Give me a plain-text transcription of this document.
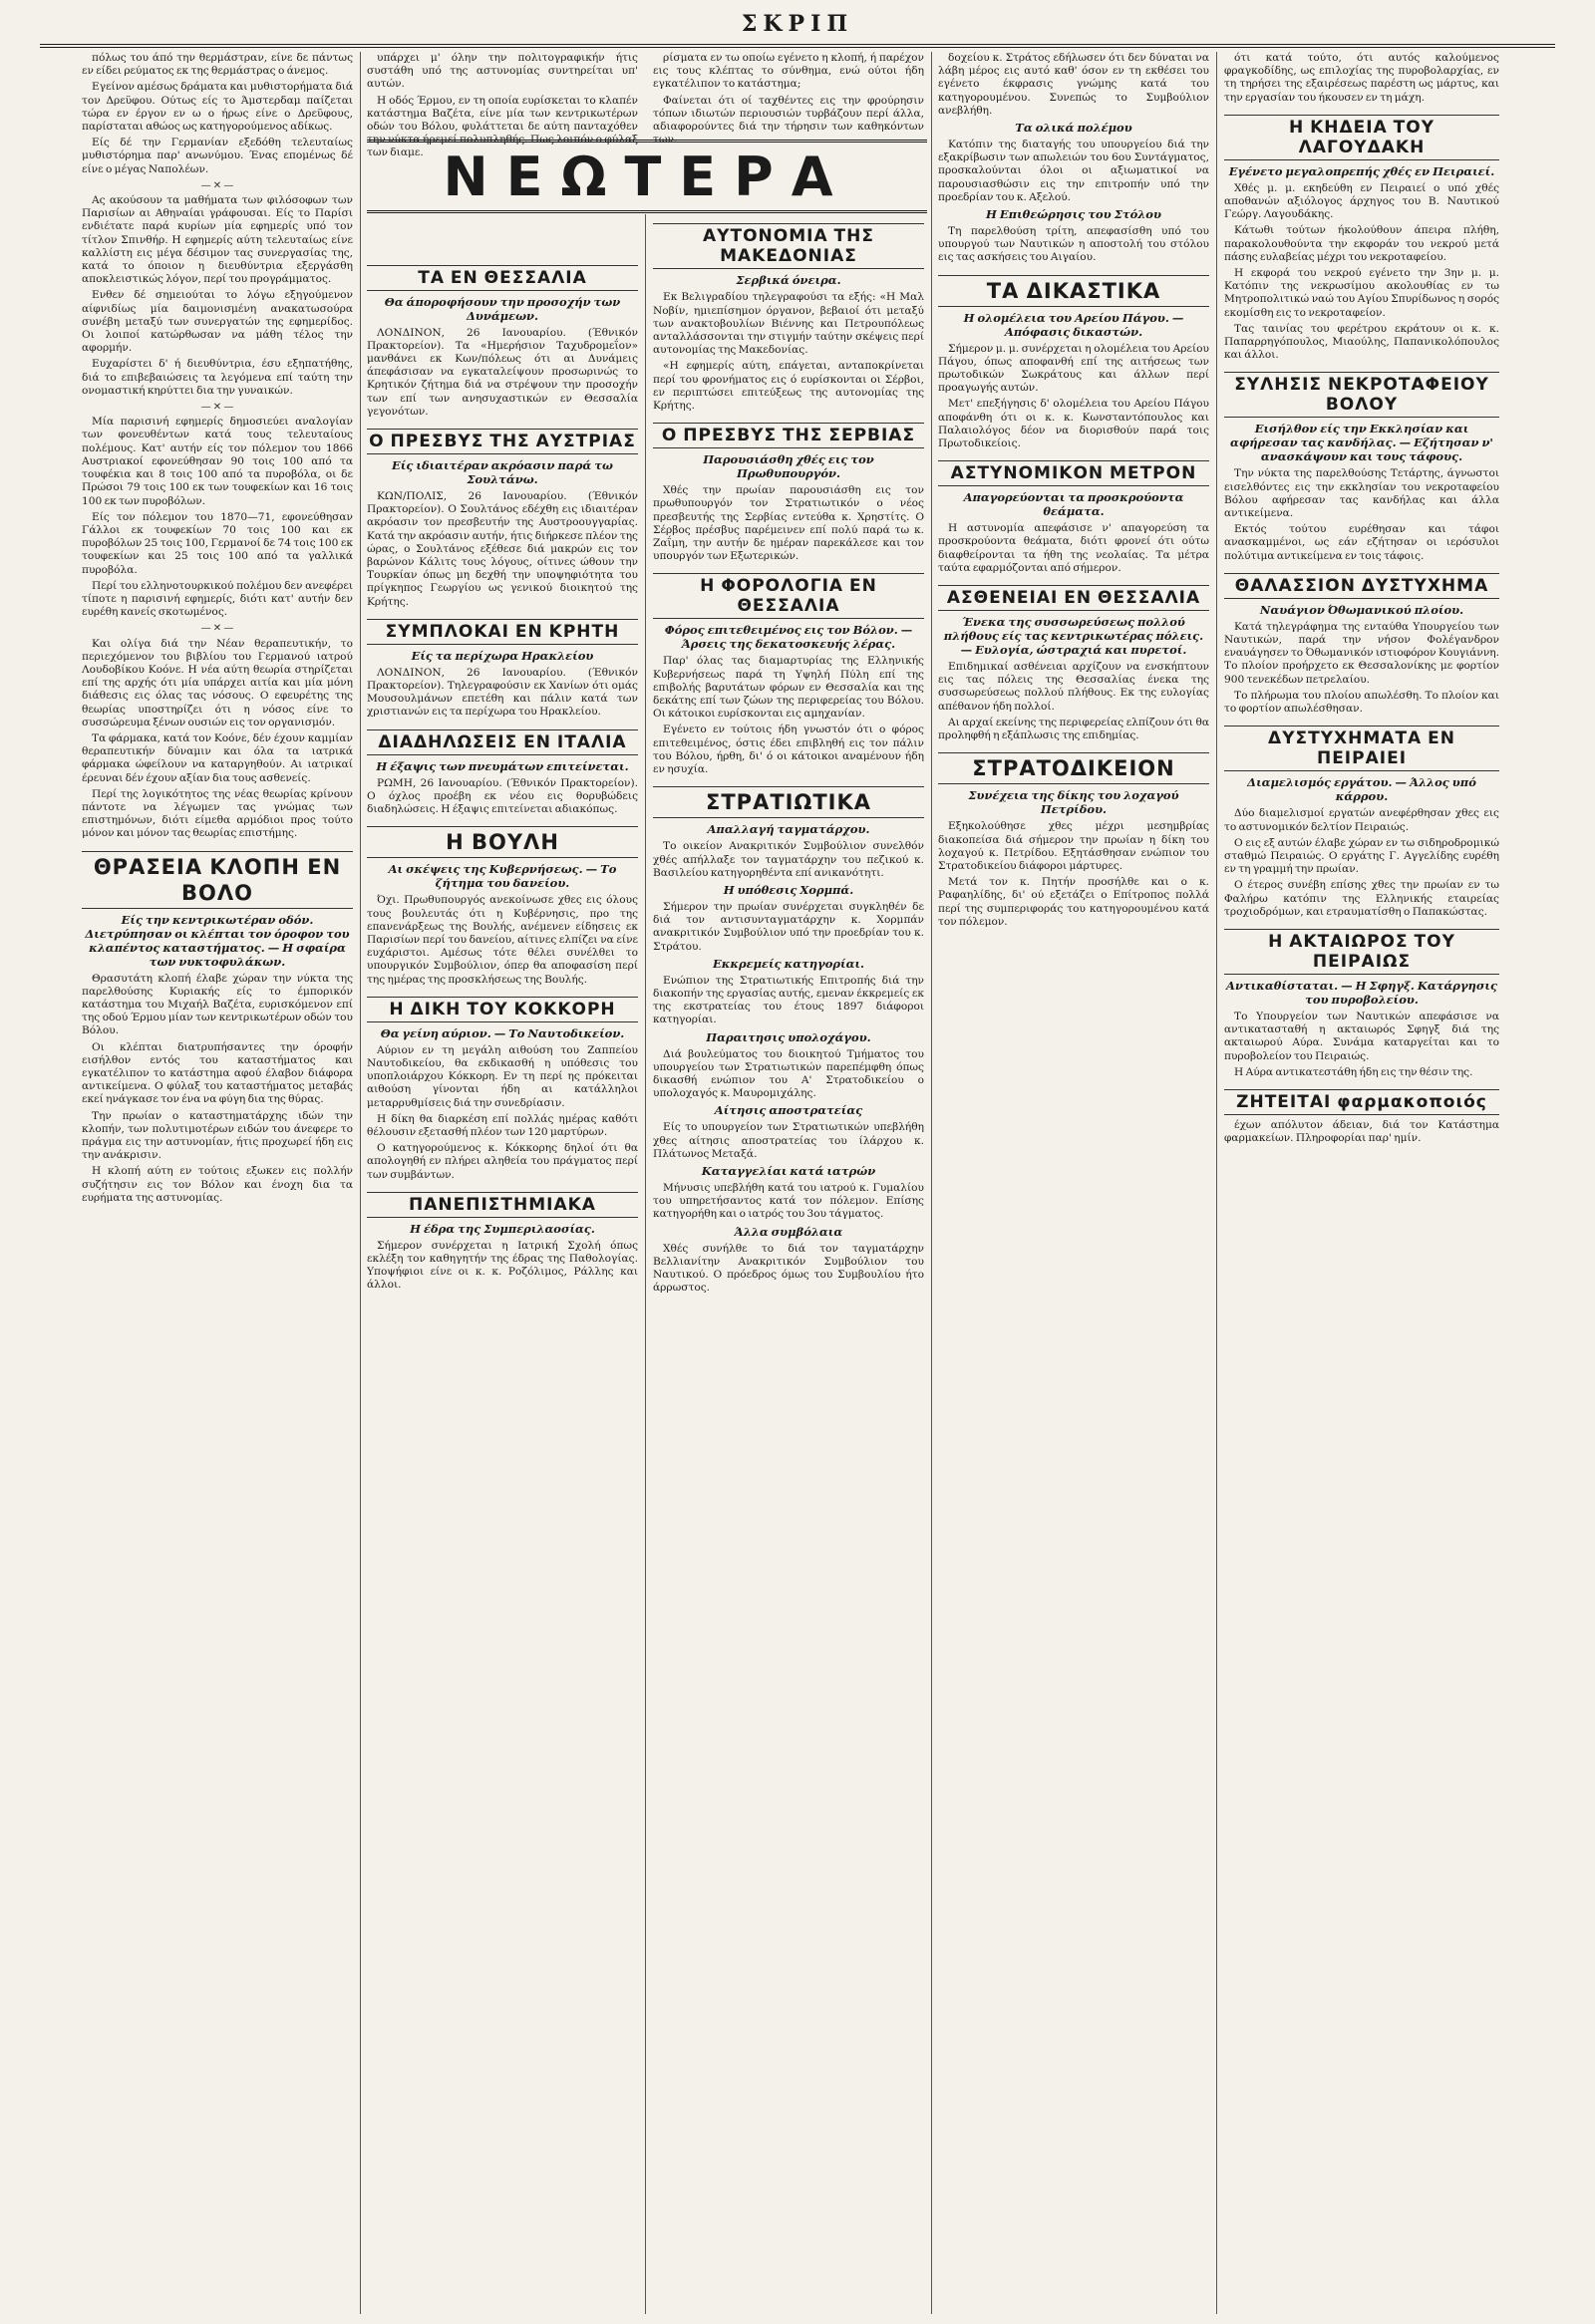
ΣΚΡΙΠ
ΝΕΩΤΕΡΑ

πόλως του άπό την θερμάστραν, είνε δε πάντως εν είδει ρεύματος εκ της θερμάστρας ο άνεμος.

Εγείνον αμέσως δράματα και μυθιστορήματα διά τον Δρεϋφου. Ούτως είς το Άμστερδαμ παίζεται τώρα εν έργον εν ω ο ήρως είνε ο Δρεϋφους, παρίσταται αθώος ως κατηγορούμενος αδίκως.

Είς δέ την Γερμανίαν εξεδόθη τελευταίως μυθιστόρημα παρ' ανωνύμου. Ένας επομένως δέ είνε ο μέγας Ναπολέων.

— ✕ —

Ας ακούσουν τα μαθήματα των φιλόσοφων των Παρισίων αι Αθηναίαι γράφουσαι. Είς το Παρίσι ενδιέτατε παρά κυρίων μία εφημερίς υπό τον τίτλον Σπινθήρ. Η εφημερίς αύτη τελευταίως είνε καλλίστη εις μέγα δέσιμον τας συνεργασίας της, κατά το όποιον η διευθύντρια εξεργάσθη αποκλειστικώς λόγον, περί του προγράμματος.

Ενθεν δέ σημειούται το λόγω εξηγούμενον αίφνιδίως μία δαιμονισμένη ανακατωσούρα συνέβη μεταξύ των συνεργατών της εφημερίδος. Οι λοιποί κατώρθωσαν να μάθη τέλος την αφορμήν.

Ευχαρίστει δ' ή διευθύντρια, έσυ εξηπατήθης, διά το επιβεβαιώσεις τα λεγόμενα επί ταύτη την ονομαστική κηρύττει δια την γυναικών.

— ✕ —

Μία παρισινή εφημερίς δημοσιεύει αναλογίαν των φονευθέντων κατά τους τελευταίους πολέμους. Κατ' αυτήν είς τον πόλεμον του 1866 Αυστριακοί εφονεύθησαν 90 τοις 100 από τα τουφέκια και 8 τοις 100 από τα πυροβόλα, οι δε Πρώσοι 79 τοις 100 εκ των τουφεκίων και 16 τοις 100 εκ των πυροβόλων.

Είς τον πόλεμον του 1870—71, εφονεύθησαν Γάλλοι εκ τουφεκίων 70 τοις 100 και εκ πυροβόλων 25 τοις 100, Γερμανοί δε 74 τοις 100 εκ τουφεκίων και 25 τοις 100 από τα γαλλικά πυροβόλα.

Περί του ελληνοτουρκικού πολέμου δεν ανεφέρει τίποτε η παρισινή εφημερίς, διότι κατ' αυτήν δεν ευρέθη κανείς σκοτωμένος.

— ✕ —

Και ολίγα διά την Νέαν θεραπευτικήν, το περιεχόμενον του βιβλίου του Γερμανού ιατρού Λουδοβίκου Κοόνε. Η νέα αύτη θεωρία στηρίζεται επί της αρχής ότι μία υπάρχει αιτία και μία μόνη διάθεσις εις όλας τας νόσους. Ο εφευρέτης της θεωρίας υποστηρίζει ότι η νόσος είνε το συσσώρευμα ξένων ουσιών εις τον οργανισμόν.

Τα φάρμακα, κατά τον Κοόνε, δέν έχουν καμμίαν θεραπευτικήν δύναμιν και όλα τα ιατρικά φάρμακα ώφείλουν να καταργηθούν. Αι ιατρικαί έρευναι δέν έχουν αξίαν δια τους ασθενείς.

Περί της λογικότητος της νέας θεωρίας κρίνουν πάντοτε να λέγωμεν τας γνώμας των επιστημόνων, διότι είμεθα αρμόδιοι προς τούτο μόνον και μόνον τας θεωρίας επιστήμης.

ΘΡΑΣΕΙΑ ΚΛΟΠΗ ΕΝ ΒΟΛΟ
Είς την κεντρικωτέραν οδόν. Διετρύπησαν οι κλέπται τον όροφον του κλαπέντος καταστήματος. — Η σφαίρα των νυκτοφυλάκων.

Θρασυτάτη κλοπή έλαβε χώραν την νύκτα της παρελθούσης Κυριακής είς το έμπορικόν κατάστημα του Μιχαήλ Βαζέτα, ευρισκόμενον επί της οδού Έρμου μίαν των κεντρικωτέρων οδών του Βόλου.

Οι κλέπται διατρυπήσαντες την όροφήν εισήλθον εντός του καταστήματος και εγκατέλιπον το κατάστημα αφού έλαβον διάφορα αντικείμενα. Ο φύλαξ του καταστήματος μεταβάς εκεί ηνάγκασε τον ένα να φύγη δια της θύρας.

Την πρωίαν ο καταστηματάρχης ιδών την κλοπήν, των πολυτιμοτέρων ειδών του άνεφερε το πράγμα εις την αστυνομίαν, ήτις προχωρεί ήδη εις την ανάκρισιν.

Η κλοπή αύτη εν τούτοις εξωκεν εις πολλήν συζήτησιν εις τον Βόλον και ένοχη δια τα ευρήματα της αστυνομίας.

υπάρχει μ' όλην την πολιτογραφικήν ήτις συστάθη υπό της αστυνομίας συντηρείται υπ' αυτών.

Η οδός Έρμου, εν τη οποία ευρίσκεται το κλαπέν κατάστημα Βαζέτα, είνε μία των κεντρικωτέρων οδών του Βόλου, φυλάττεται δε αύτη πανταχόθεν την νύκτα ήρεμεί πολυπληθής. Πως λοιπόν ο φύλαξ των διαμε.

ΤΑ ΕΝ ΘΕΣΣΑΛΙΑ
Θα άποροφήσουν την προσοχήν των Δυνάμεων.

ΛΟΝΔΙΝΟΝ, 26 Ιανουαρίου. (Έθνικόν Πρακτορείον). Τα «Ημερήσιον Ταχυδρομεΐον» μανθάνει εκ Κων/πόλεως ότι αι Δυνάμεις άπεφάσισαν να εγκαταλείψουν προσωρινώς το Κρητικόν ζήτημα διά να στρέψουν την προσοχήν των επί των ανησυχαστικών εν Θεσσαλία γεγονότων.

Ο ΠΡΕΣΒΥΣ ΤΗΣ ΑΥΣΤΡΙΑΣ
Είς ιδιαιτέραν ακρόασιν παρά τω Σουλτάνω.

ΚΩΝ/ΠΟΛΙΣ, 26 Ιανουαρίου. (Έθνικόν Πρακτορείον). Ο Σουλτάνος εδέχθη εις ιδιαιτέραν ακρόασιν τον πρεσβευτήν της Αυστροουγγαρίας. Κατά την ακρόασιν αυτήν, ήτις διήρκεσε πλέον της ώρας, ο Σουλτάνος εξέθεσε διά μακρών εις τον βαρώνον Κάλιτς τους λόγους, οίτινες ώθουν την Τουρκίαν όπως μη δεχθή την υποψηφιότητα του πρίγκηπος Γεωργίου ως γενικού διοικητού της Κρήτης.

ΣΥΜΠΛΟΚΑΙ ΕΝ ΚΡΗΤΗ
Είς τα περίχωρα Ηρακλείου

ΛΟΝΔΙΝΟΝ, 26 Ιανουαρίου. (Έθνικόν Πρακτορείον). Τηλεγραφούσιν εκ Χανίων ότι ομάς Μουσουλμάνων επετέθη και πάλιν κατά των χριστιανών εις τα περίχωρα του Ηρακλείου.

ΔΙΑΔΗΛΩΣΕΙΣ ΕΝ ΙΤΑΛΙΑ
Η έξαψις των πνευμάτων επιτείνεται.

ΡΩΜΗ, 26 Ιανουαρίου. (Έθνικόν Πρακτορείον). Ο όχλος προέβη εκ νέου εις θορυβώδεις διαδηλώσεις. Η έξαψις επιτείνεται αδιακόπως.

Η ΒΟΥΛΗ
Αι σκέψεις της Κυβερνήσεως. — Το ζήτημα του δανείου.

Όχι. Πρωθυπουργός ανεκοίνωσε χθες εις όλους τους βουλευτάς ότι η Κυβέρνησις, προ της επανενάρξεως της Βουλής, ανέμενεν είδησεις εκ Παρισίων περί του δανείου, αίτινες ελπίζει να είνε ευχάριστοι. Αμέσως τότε θέλει συνέλθει το υπουργικόν Συμβούλιον, όπερ θα αποφασίση περί της ημέρας της προσκλήσεως της Βουλής.

Η ΔΙΚΗ ΤΟΥ ΚΟΚΚΟΡΗ
Θα γείνη αύριον. — Το Ναυτοδικείον.

Αύριον εν τη μεγάλη αιθούση του Ζαππείου Ναυτοδικείου, θα εκδικασθή η υπόθεσις του υποπλοιάρχου Κόκκορη. Εν τη περί ης πρόκειται αιθούση γίνονται ήδη αι κατάλληλοι μεταρρυθμίσεις διά την συνεδρίασιν.

Η δίκη θα διαρκέση επί πολλάς ημέρας καθότι θέλουσιν εξετασθή πλέον των 120 μαρτύρων.

Ο κατηγορούμενος κ. Κόκκορης δηλοί ότι θα απολογηθή εν πλήρει αληθεία του πράγματος περί των συμβάντων.

ΠΑΝΕΠΙΣΤΗΜΙΑΚΑ
Η έδρα της Συμπεριλαοσίας.

Σήμερον συνέρχεται η Ιατρική Σχολή όπως εκλέξη τον καθηγητήν της έδρας της Παθολογίας. Υποψήφιοι είνε οι κ. κ. Ροζόλιμος, Ράλλης και άλλοι.

ρίσματα εν τω οποίω εγένετο η κλοπή, ή παρέχον εις τους κλέπτας το σύνθημα, ενώ ούτοι ήδη εγκατέλιπον το κατάστημα;

Φαίνεται ότι οί ταχθέντες εις την φρούρησιν τόπων ιδιωτών περιουσιών τυρβάζουν περί άλλα, αδιαφορούντες διά την τήρησιν των καθηκόντων των.

ΑΥΤΟΝΟΜΙΑ ΤΗΣ ΜΑΚΕΔΟΝΙΑΣ
Σερβικά όνειρα.

Εκ Βελιγραδίου τηλεγραφούσι τα εξής: «Η Μαλ Νοβίν, ημιεπίσημον όργανον, βεβαιοί ότι μεταξύ των ανακτοβουλίων Βιέννης και Πετρουπόλεως ανταλλάσσονται την στιγμήν ταύτην σκέψεις περί αυτονομίας της Μακεδονίας.

«Η εφημερίς αύτη, επάγεται, ανταποκρίνεται περί του φρονήματος εις ό ευρίσκονται οι Σέρβοι, εν περιπτώσει επιτεύξεως της αυτονομίας της Κρήτης.

Ο ΠΡΕΣΒΥΣ ΤΗΣ ΣΕΡΒΙΑΣ
Παρουσιάσθη χθές εις τον Πρωθυπουργόν.

Χθές την πρωίαν παρουσιάσθη εις τον πρωθυπουργόν τον Στρατιωτικόν ο νέος πρεσβευτής της Σερβίας εντεύθα κ. Χρηστίτς. Ο Σέρβος πρέσβυς παρέμεινεν επί πολύ παρά τω κ. Ζαΐμη, την αυτήν δε ημέραν παρεκάλεσε και τον υπουργόν των Εξωτερικών.

Η ΦΟΡΟΛΟΓΙΑ ΕΝ ΘΕΣΣΑΛΙΑ
Φόρος επιτεθειμένος εις τον Βόλον. — Άρσεις της δεκατοσκευής λέρας.

Παρ' όλας τας διαμαρτυρίας της Ελληνικής Κυβερνήσεως παρά τη Υψηλή Πύλη επί της επιβολής βαρυτάτων φόρων εν Θεσσαλία και της δεκάτης επί των ζώων της περιφερείας του Βόλου. Οι κάτοικοι ευρίσκονται εις αμηχανίαν.

Εγένετο εν τούτοις ήδη γνωστόν ότι ο φόρος επιτεθειμένος, όστις έδει επιβληθή εις τον πάλιν του Βόλου, ήρθη, δι' ό οι κάτοικοι αναμένουν ήδη εν ησυχία.

ΣΤΡΑΤΙΩΤΙΚΑ
Απαλλαγή ταγματάρχου.

Το οικείον Ανακριτικόν Συμβούλιον συνελθόν χθές απήλλαξε τον ταγματάρχην του πεζικού κ. Βασιλείου κατηγορηθέντα επί ανικανότητι.

Η υπόθεσις Χορμπά.

Σήμερον την πρωίαν συνέρχεται συγκληθέν δε διά τον αντισυνταγματάρχην κ. Χορμπάν ανακριτικόν Συμβούλιον υπό την προεδρίαν του κ. Στράτου.

Εκκρεμείς κατηγορίαι.

Ενώπιον της Στρατιωτικής Επιτροπής διά την διακοπήν της εργασίας αυτής, εμεναν έκκρεμείς εκ της εκστρατείας του έτους 1897 διάφοροι κατηγορίαι.

Παραιτησις υπολοχάγου.

Διά βουλεύματος του διοικητού Τμήματος του υπουργείου των Στρατιωτικών παρεπέμφθη όπως δικασθή ενώπιον του Α' Στρατοδικείου ο υπολοχαγός κ. Μαυρομιχάλης.

Αίτησις αποστρατείας

Είς το υπουργείον των Στρατιωτικών υπεβλήθη χθες αίτησις αποστρατείας του ίλάρχου κ. Πλάτωνος Μεταξά.

Καταγγελίαι κατά ιατρών

Μήνυσις υπεβλήθη κατά του ιατρού κ. Γυμαλίου του υπηρετήσαντος κατά τον πόλεμον. Επίσης κατηγορήθη και ο ιατρός του 3ου τάγματος.

Άλλα συμβόλαια

Χθές συνήλθε το διά τον ταγματάρχην Βελλιανίτην Ανακριτικόν Συμβούλιον του Ναυτικού. Ο πρόεδρος όμως του Συμβουλίου ήτο άρρωστος.

δοχείου κ. Στράτος εδήλωσεν ότι δεν δύναται να λάβη μέρος εις αυτό καθ' όσον εν τη εκθέσει του εγένετο έκφρασις γνώμης κατά του κατηγορουμένου. Συνεπώς το Συμβούλιον ανεβλήθη.

Τα ολικά πολέμου

Κατόπιν της διαταγής του υπουργείου διά την εξακρίβωσιν των απωλειών του 6ου Συντάγματος, προσκαλούνται όλοι οι αξιωματικοί να παρουσιασθώσιν εις την επιτροπήν υπό την προεδρίαν του κ. Αξελού.

Η Επιθεώρησις του Στόλου

Τη παρελθούση τρίτη, απεφασίσθη υπό του υπουργού των Ναυτικών η αποστολή του στόλου εις τας ασκήσεις του Αιγαίου.

ΤΑ ΔΙΚΑΣΤΙΚΑ
Η ολομέλεια του Αρείου Πάγου. — Απόφασις δικαστών.

Σήμερον μ. μ. συνέρχεται η ολομέλεια του Αρείου Πάγου, όπως αποφανθή επί της αιτήσεως των πρωτοδικών Σωκράτους και άλλων περί προαγωγής αυτών.

Μετ' επεξήγησις δ' ολομέλεια του Αρείου Πάγου αποφάνθη ότι οι κ. κ. Κωνσταντόπουλος και Παλαιολόγος δέον να διορισθούν παρά τοις Πρωτοδικείοις.

ΑΣΤΥΝΟΜΙΚΟΝ ΜΕΤΡΟΝ
Απαγορεύονται τα προσκρούοντα θεάματα.

Η αστυνομία απεφάσισε ν' απαγορεύση τα προσκρούοντα θεάματα, διότι φρονεί ότι ούτω διαφθείρονται τα ήθη της νεολαίας. Τα μέτρα ταύτα εφαρμόζονται από σήμερον.

ΑΣΘΕΝΕΙΑΙ ΕΝ ΘΕΣΣΑΛΙΑ
Ένεκα της συσσωρεύσεως πολλού πλήθους είς τας κεντρικωτέρας πόλεις. — Ευλογία, ώστραχιά και πυρετοί.

Επιδημικαί ασθένειαι αρχίζουν να ενσκήπτουν εις τας πόλεις της Θεσσαλίας ένεκα της συσσωρεύσεως πολλού πλήθους. Εκ της ευλογίας απέθανον ήδη πολλοί.

Αι αρχαί εκείνης της περιφερείας ελπίζουν ότι θα προληφθή η εξάπλωσις της επιδημίας.

ΣΤΡΑΤΟΔΙΚΕΙΟΝ
Συνέχεια της δίκης του λοχαγού Πετρίδου.

Εξηκολούθησε χθες μέχρι μεσημβρίας διακοπείσα διά σήμερον την πρωίαν η δίκη του λοχαγού κ. Πετρίδου. Εξητάσθησαν ενώπιον του Στρατοδικείου διάφοροι μάρτυρες.

Μετά τον κ. Πητήν προσήλθε και ο κ. Ραφαηλίδης, δι' ού εξετάζει ο Επίτροπος πολλά περί της συμπεριφοράς του κατηγορουμένου κατά τον πόλεμον.

ότι κατά τούτο, ότι αυτός καλούμενος φραγκοδίδης, ως επιλοχίας της πυροβολαρχίας, εν τη τηρήσει της εξαιρέσεως παρέστη ως μάρτυς, και την εργασίαν του ήκουσεν εν τη μάχη.

Η ΚΗΔΕΙΑ ΤΟΥ ΛΑΓΟΥΔΑΚΗ
Εγένετο μεγαλοπρεπής χθές εν Πειραιεί.

Χθές μ. μ. εκηδεύθη εν Πειραιεί ο υπό χθές αποθανών αξιόλογος άρχηγος του Β. Ναυτικού Γεώργ. Λαγουδάκης.

Κάτωθι τούτων ήκολούθουν άπειρα πλήθη, παρακολουθούντα την εκφοράν του νεκρού μετά πάσης ευλαβείας μέχρι του νεκροταφείου.

Η εκφορά του νεκρού εγένετο την 3ην μ. μ. Κατόπιν της νεκρωσίμου ακολουθίας εν τω Μητροπολιτικώ ναώ του Αγίου Σπυρίδωνος η σορός εκομίσθη εις το νεκροταφείον.

Τας ταινίας του φερέτρου εκράτουν οι κ. κ. Παπαρρηγόπουλος, Μιαούλης, Παπανικολόπουλος και άλλοι.

ΣΥΛΗΣΙΣ ΝΕΚΡΟΤΑΦΕΙΟΥ ΒΟΛΟΥ
Εισήλθον είς την Εκκλησίαν και αφήρεσαν τας κανδήλας. — Εζήτησαν ν' ανασκάψουν και τους τάφους.

Την νύκτα της παρελθούσης Τετάρτης, άγνωστοι εισελθόντες εις την εκκλησίαν του νεκροταφείου Βόλου αφήρεσαν τας κανδήλας και άλλα αντικείμενα.

Εκτός τούτου ευρέθησαν και τάφοι ανασκαμμένοι, ως εάν εζήτησαν οι ιερόσυλοι πολύτιμα αντικείμενα εν τοις τάφοις.

ΘΑΛΑΣΣΙΟΝ ΔΥΣΤΥΧΗΜΑ
Ναυάγιον Όθωμανικού πλοίου.

Κατά τηλεγράφημα της ενταύθα Υπουργείου των Ναυτικών, παρά την νήσον Φολέγανδρον εναυάγησεν το Όθωμανικόν ιστιοφόρον Κουγιάννη. Το πλοίον προήρχετο εκ Θεσσαλονίκης με φορτίον 900 τενεκέδων πετρελαίου.

Το πλήρωμα του πλοίου απωλέσθη. Το πλοίον και το φορτίον απωλέσθησαν.

ΔΥΣΤΥΧΗΜΑΤΑ ΕΝ ΠΕΙΡΑΙΕΙ
Διαμελισμός εργάτου. — Άλλος υπό κάρρου.

Δύο διαμελισμοί εργατών ανεφέρθησαν χθες εις το αστυνομικόν δελτίον Πειραιώς.

Ο εις εξ αυτών έλαβε χώραν εν τω σιδηροδρομικώ σταθμώ Πειραιώς. Ο εργάτης Γ. Αγγελίδης ευρέθη εν τη γραμμή την πρωίαν.

Ο έτερος συνέβη επίσης χθες την πρωίαν εν τω Φαλήρω κατόπιν της Ελληνικής εταιρείας τροχιοδρόμων, και ετραυματίσθη ο Παπακώστας.

Η ΑΚΤΑΙΩΡΟΣ ΤΟΥ ΠΕΙΡΑΙΩΣ
Αντικαθίσταται. — Η Σφηγξ. Κατάργησις του πυροβολείου.

Το Υπουργείον των Ναυτικών απεφάσισε να αντικατασταθή η ακταιωρός Σφηγξ διά της ακταιωρού Αύρα. Συνάμα καταργείται και το πυροβολείον του Πειραιώς.

Η Αύρα αντικατεστάθη ήδη εις την θέσιν της.

ΖΗΤΕΙΤΑΙ φαρμακοποιός

έχων απόλυτον άδειαν, διά τον Κατάστημα φαρμακείων. Πληροφορίαι παρ' ημίν.
